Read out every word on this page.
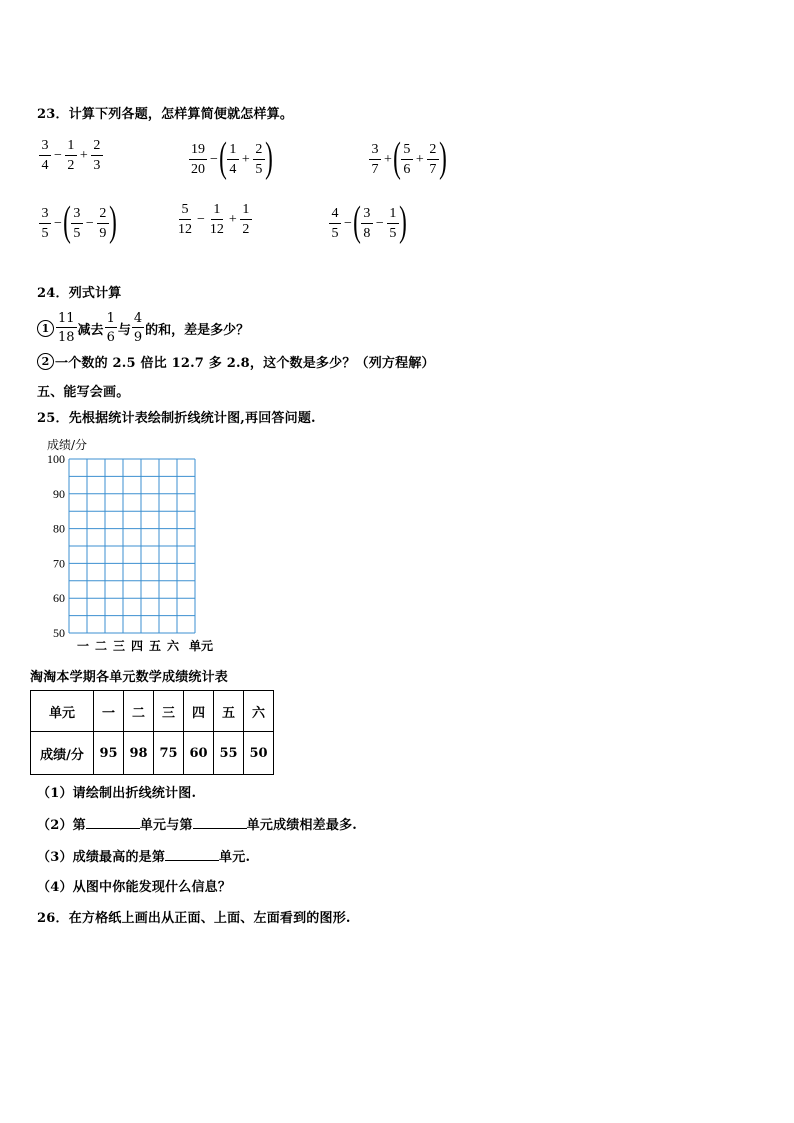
23．计算下列各题，怎样算简便就怎样算。
$\frac{3}{4} - \frac{1}{2} + \frac{2}{3}$	$\frac{19}{20}$ − ( $\frac{1}{4} + \frac{2}{5}$ )	$\frac{3}{7}$ + ( $\frac{5}{6} + \frac{2}{7}$ )
$\frac{3}{5}$ − ( $\frac{3}{5} - \frac{2}{9}$ )	$\frac{5}{12} - \frac{1}{12} + \frac{1}{2}$	$\frac{4}{5}$ − ( $\frac{3}{8} - \frac{1}{5}$ )
24．列式计算
$1 \frac{11}{18}$ 减去 $\frac{1}{6}$ 与 $\frac{4}{9}$ 的和，差是多少？
2 一个数的 2.5 倍比 12.7 多 2.8，这个数是多少？（列方程解）
五、能写会画。
25．先根据统计表绘制折线统计图,再回答问题.
成绩/分
100
90
80
70
60
50
一 二 三 四 五 六 单元
淘淘本学期各单元数学成绩统计表
单元	一	二	三	四	五	六
成绩/分	95	98	75	60	55	50
（1）请绘制出折线统计图.
（2）第	单元与第	单元成绩相差最多.
（3）成绩最高的是第	单元.
（4）从图中你能发现什么信息？
26．在方格纸上画出从正面、上面、左面看到的图形.
